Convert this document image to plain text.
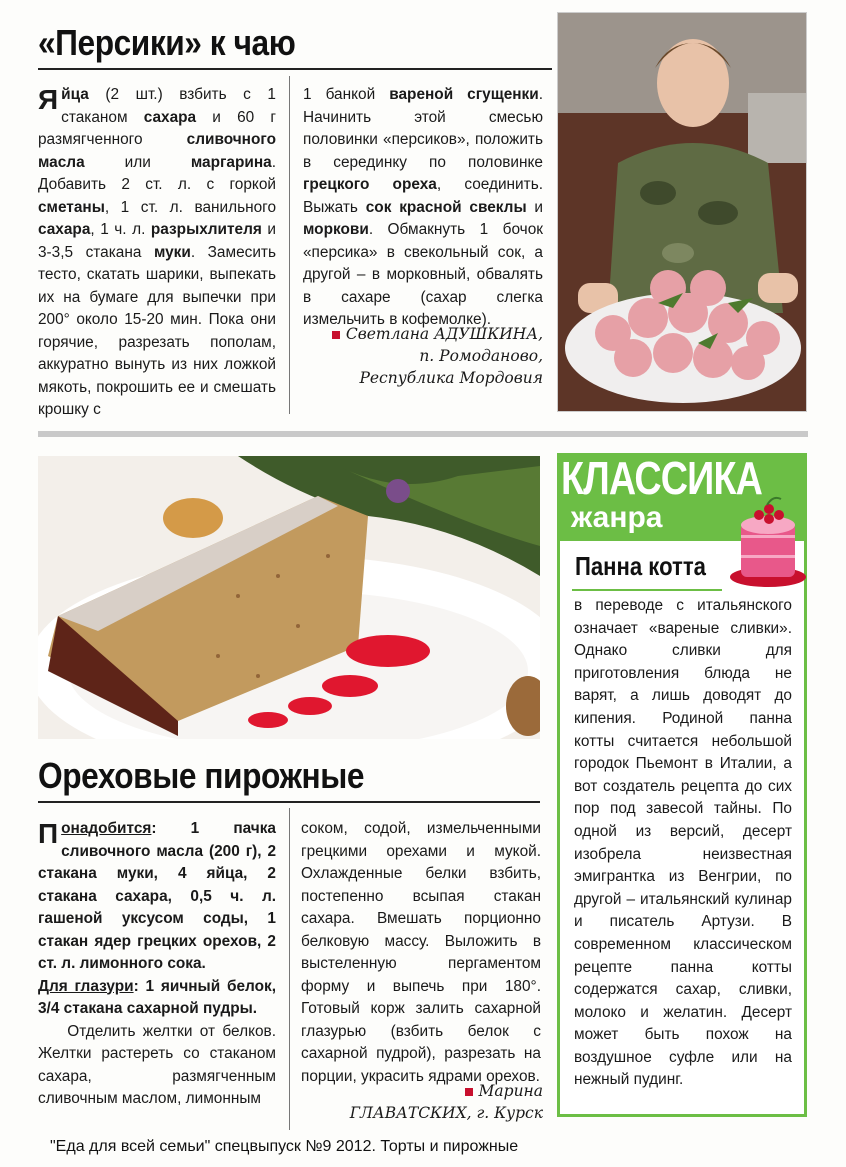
«Персики» к чаю
Яйца (2 шт.) взбить с 1 стаканом сахара и 60 г размягченного сливочного масла или маргарина. Добавить 2 ст. л. с горкой сметаны, 1 ст. л. ванильного сахара, 1 ч. л. разрыхлителя и 3-3,5 стакана муки. Замесить тесто, скатать шарики, выпекать их на бумаге для выпечки при 200° около 15-20 мин. Пока они горячие, разрезать пополам, аккуратно вынуть из них ложкой мякоть, покрошить ее и смешать крошку с
1 банкой вареной сгущенки. Начинить этой смесью половинки «персиков», положить в серединку по половинке грецкого ореха, соединить. Выжать сок красной свеклы и моркови. Обмакнуть 1 бочок «персика» в свекольный сок, а другой – в морковный, обвалять в сахаре (сахар слегка измельчить в кофемолке).
Светлана АДУШКИНА,
п. Ромоданово,
Республика Мордовия
Ореховые пирожные
Понадобится: 1 пачка сливочного масла (200 г), 2 стакана муки, 4 яйца, 2 стакана сахара, 0,5 ч. л. гашеной уксусом соды, 1 стакан ядер грецких орехов, 2 ст. л. лимонного сока.
Для глазури: 1 яичный белок, 3/4 стакана сахарной пудры.
Отделить желтки от белков. Желтки растереть со стаканом сахара, размягченным сливочным маслом, лимонным
соком, содой, измельченными грецкими орехами и мукой. Охлажденные белки взбить, постепенно всыпая стакан сахара. Вмешать порционно белковую массу. Выложить в выстеленную пергаментом форму и выпечь при 180°. Готовый корж залить сахарной глазурью (взбить белок с сахарной пудрой), разрезать на порции, украсить ядрами орехов.
Марина
ГЛАВАТСКИХ, г. Курск
КЛАССИКА
жанра
Панна котта
в переводе с итальянского означает «вареные сливки». Однако сливки для приготовления блюда не варят, а лишь доводят до кипения. Родиной панна котты считается небольшой городок Пьемонт в Италии, а вот создатель рецепта до сих пор под завесой тайны. По одной из версий, десерт изобрела неизвестная эмигрантка из Венгрии, по другой – итальянский кулинар и писатель Артузи. В современном классическом рецепте панна котты содержатся сахар, сливки, молоко и желатин. Десерт может быть похож на воздушное суфле или на нежный пудинг.
"Еда для всей семьи" спецвыпуск №9 2012. Торты и пирожные
